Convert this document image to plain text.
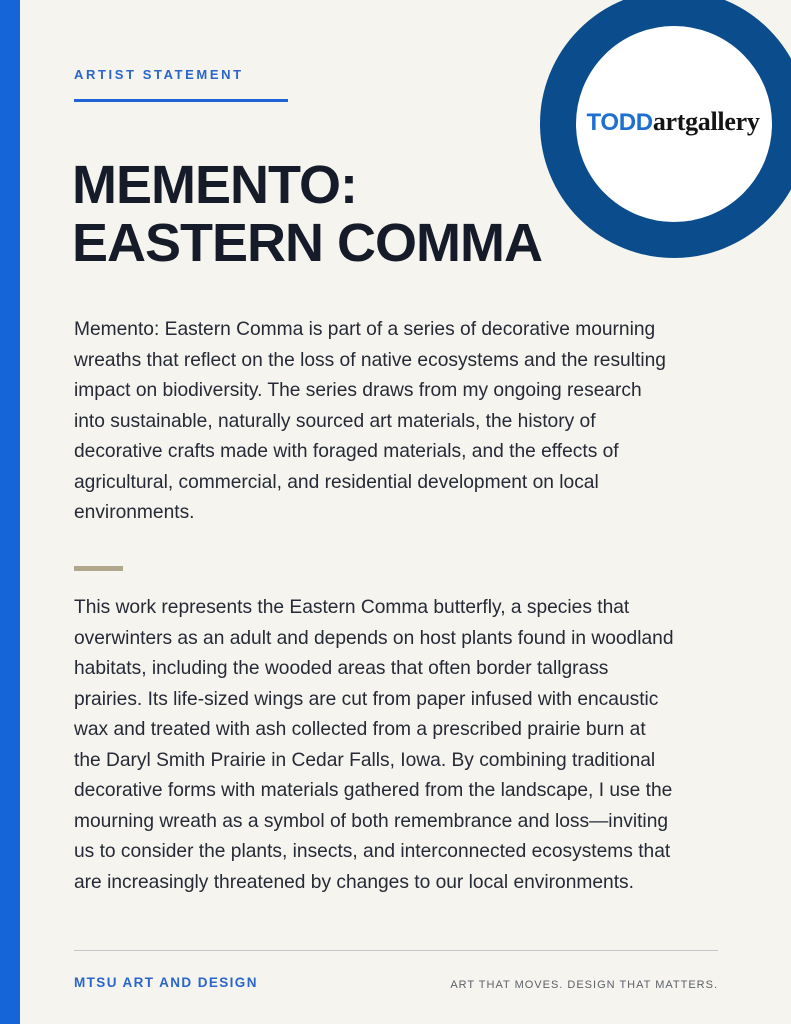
TODDartgallery
ARTIST STATEMENT
MEMENTO:
EASTERN COMMA

Memento: Eastern Comma is part of a series of decorative mourning wreaths that reflect on the loss of native ecosystems and the resulting impact on biodiversity. The series draws from my ongoing research into sustainable, naturally sourced art materials, the history of decorative crafts made with foraged materials, and the effects of agricultural, commercial, and residential development on local environments.

This work represents the Eastern Comma butterfly, a species that overwinters as an adult and depends on host plants found in woodland habitats, including the wooded areas that often border tallgrass prairies. Its life-sized wings are cut from paper infused with encaustic wax and treated with ash collected from a prescribed prairie burn at the Daryl Smith Prairie in Cedar Falls, Iowa. By combining traditional decorative forms with materials gathered from the landscape, I use the mourning wreath as a symbol of both remembrance and loss—inviting us to consider the plants, insects, and interconnected ecosystems that are increasingly threatened by changes to our local environments.

MTSU ART AND DESIGN	ART THAT MOVES. DESIGN THAT MATTERS.
